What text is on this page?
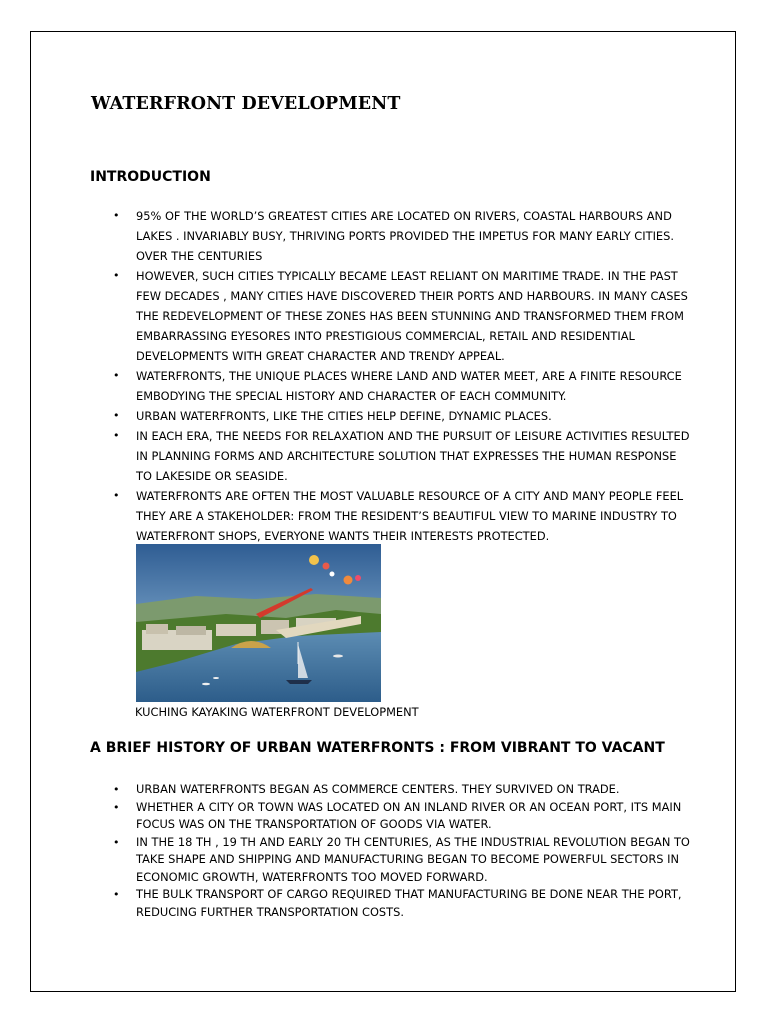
WATERFRONT DEVELOPMENT
INTRODUCTION
• 95% OF THE WORLD’S GREATEST CITIES ARE LOCATED ON RIVERS, COASTAL HARBOURS AND LAKES . INVARIABLY BUSY, THRIVING PORTS PROVIDED THE IMPETUS FOR MANY EARLY CITIES. OVER THE CENTURIES
• HOWEVER, SUCH CITIES TYPICALLY BECAME LEAST RELIANT ON MARITIME TRADE. IN THE PAST FEW DECADES , MANY CITIES HAVE DISCOVERED THEIR PORTS AND HARBOURS. IN MANY CASES THE REDEVELOPMENT OF THESE ZONES HAS BEEN STUNNING AND TRANSFORMED THEM FROM EMBARRASSING EYESORES INTO PRESTIGIOUS COMMERCIAL, RETAIL AND RESIDENTIAL DEVELOPMENTS WITH GREAT CHARACTER AND TRENDY APPEAL.
• WATERFRONTS, THE UNIQUE PLACES WHERE LAND AND WATER MEET, ARE A FINITE RESOURCE EMBODYING THE SPECIAL HISTORY AND CHARACTER OF EACH COMMUNITY.
• URBAN WATERFRONTS, LIKE THE CITIES HELP DEFINE, DYNAMIC PLACES.
• IN EACH ERA, THE NEEDS FOR RELAXATION AND THE PURSUIT OF LEISURE ACTIVITIES RESULTED IN PLANNING FORMS AND ARCHITECTURE SOLUTION THAT EXPRESSES THE HUMAN RESPONSE TO LAKESIDE OR SEASIDE.
• WATERFRONTS ARE OFTEN THE MOST VALUABLE RESOURCE OF A CITY AND MANY PEOPLE FEEL THEY ARE A STAKEHOLDER: FROM THE RESIDENT’S BEAUTIFUL VIEW TO MARINE INDUSTRY TO WATERFRONT SHOPS, EVERYONE WANTS THEIR INTERESTS PROTECTED.

KUCHING KAYAKING WATERFRONT DEVELOPMENT

A BRIEF HISTORY OF URBAN WATERFRONTS : FROM VIBRANT TO VACANT
• URBAN WATERFRONTS BEGAN AS COMMERCE CENTERS. THEY SURVIVED ON TRADE.
• WHETHER A CITY OR TOWN WAS LOCATED ON AN INLAND RIVER OR AN OCEAN PORT, ITS MAIN FOCUS WAS ON THE TRANSPORTATION OF GOODS VIA WATER.
• IN THE 18 TH , 19 TH AND EARLY 20 TH CENTURIES, AS THE INDUSTRIAL REVOLUTION BEGAN TO TAKE SHAPE AND SHIPPING AND MANUFACTURING BEGAN TO BECOME POWERFUL SECTORS IN ECONOMIC GROWTH, WATERFRONTS TOO MOVED FORWARD.
• THE BULK TRANSPORT OF CARGO REQUIRED THAT MANUFACTURING BE DONE NEAR THE PORT, REDUCING FURTHER TRANSPORTATION COSTS.
